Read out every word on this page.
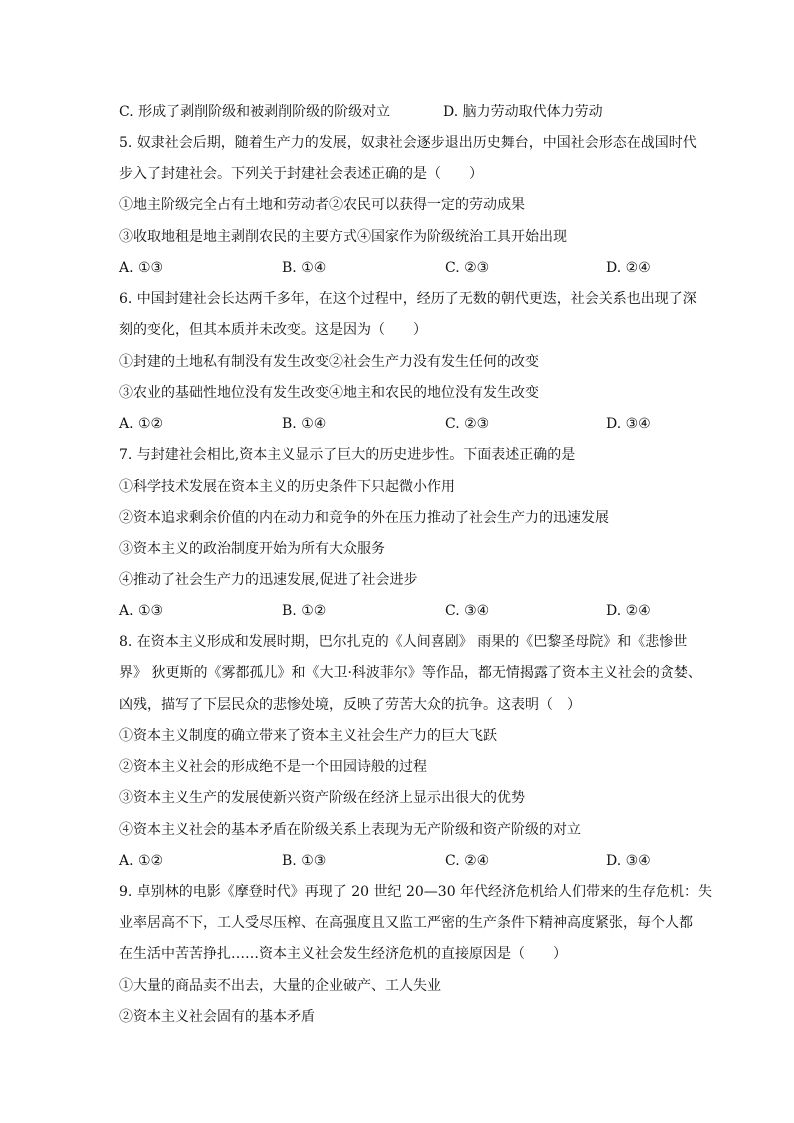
C. 形成了剥削阶级和被剥削阶级的阶级对立	D. 脑力劳动取代体力劳动
5. 奴隶社会后期，随着生产力的发展，奴隶社会逐步退出历史舞台，中国社会形态在战国时代
步入了封建社会。下列关于封建社会表述正确的是（　　）
①地主阶级完全占有土地和劳动者②农民可以获得一定的劳动成果
③收取地租是地主剥削农民的主要方式④国家作为阶级统治工具开始出现
A. ①③	B. ①④	C. ②③	D. ②④
6. 中国封建社会长达两千多年，在这个过程中，经历了无数的朝代更迭，社会关系也出现了深
刻的变化，但其本质并未改变。这是因为（　　）
①封建的土地私有制没有发生改变②社会生产力没有发生任何的改变
③农业的基础性地位没有发生改变④地主和农民的地位没有发生改变
A. ①②	B. ①④	C. ②③	D. ③④
7. 与封建社会相比,资本主义显示了巨大的历史进步性。下面表述正确的是
①科学技术发展在资本主义的历史条件下只起微小作用
②资本追求剩余价值的内在动力和竞争的外在压力推动了社会生产力的迅速发展
③资本主义的政治制度开始为所有大众服务
④推动了社会生产力的迅速发展,促进了社会进步
A. ①③	B. ①②	C. ③④	D. ②④
8. 在资本主义形成和发展时期，巴尔扎克的《人间喜剧》 雨果的《巴黎圣母院》和《悲惨世
界》 狄更斯的《雾都孤儿》和《大卫·科波菲尔》等作品，都无情揭露了资本主义社会的贪婪、
凶残，描写了下层民众的悲惨处境，反映了劳苦大众的抗争。这表明（　）
①资本主义制度的确立带来了资本主义社会生产力的巨大飞跃
②资本主义社会的形成绝不是一个田园诗般的过程
③资本主义生产的发展使新兴资产阶级在经济上显示出很大的优势
④资本主义社会的基本矛盾在阶级关系上表现为无产阶级和资产阶级的对立
A. ①②	B. ①③	C. ②④	D. ③④
9. 卓别林的电影《摩登时代》再现了 20 世纪 20—30 年代经济危机给人们带来的生存危机：失
业率居高不下，工人受尽压榨、在高强度且又监工严密的生产条件下精神高度紧张，每个人都
在生活中苦苦挣扎……资本主义社会发生经济危机的直接原因是（　　）
①大量的商品卖不出去，大量的企业破产、工人失业
②资本主义社会固有的基本矛盾
